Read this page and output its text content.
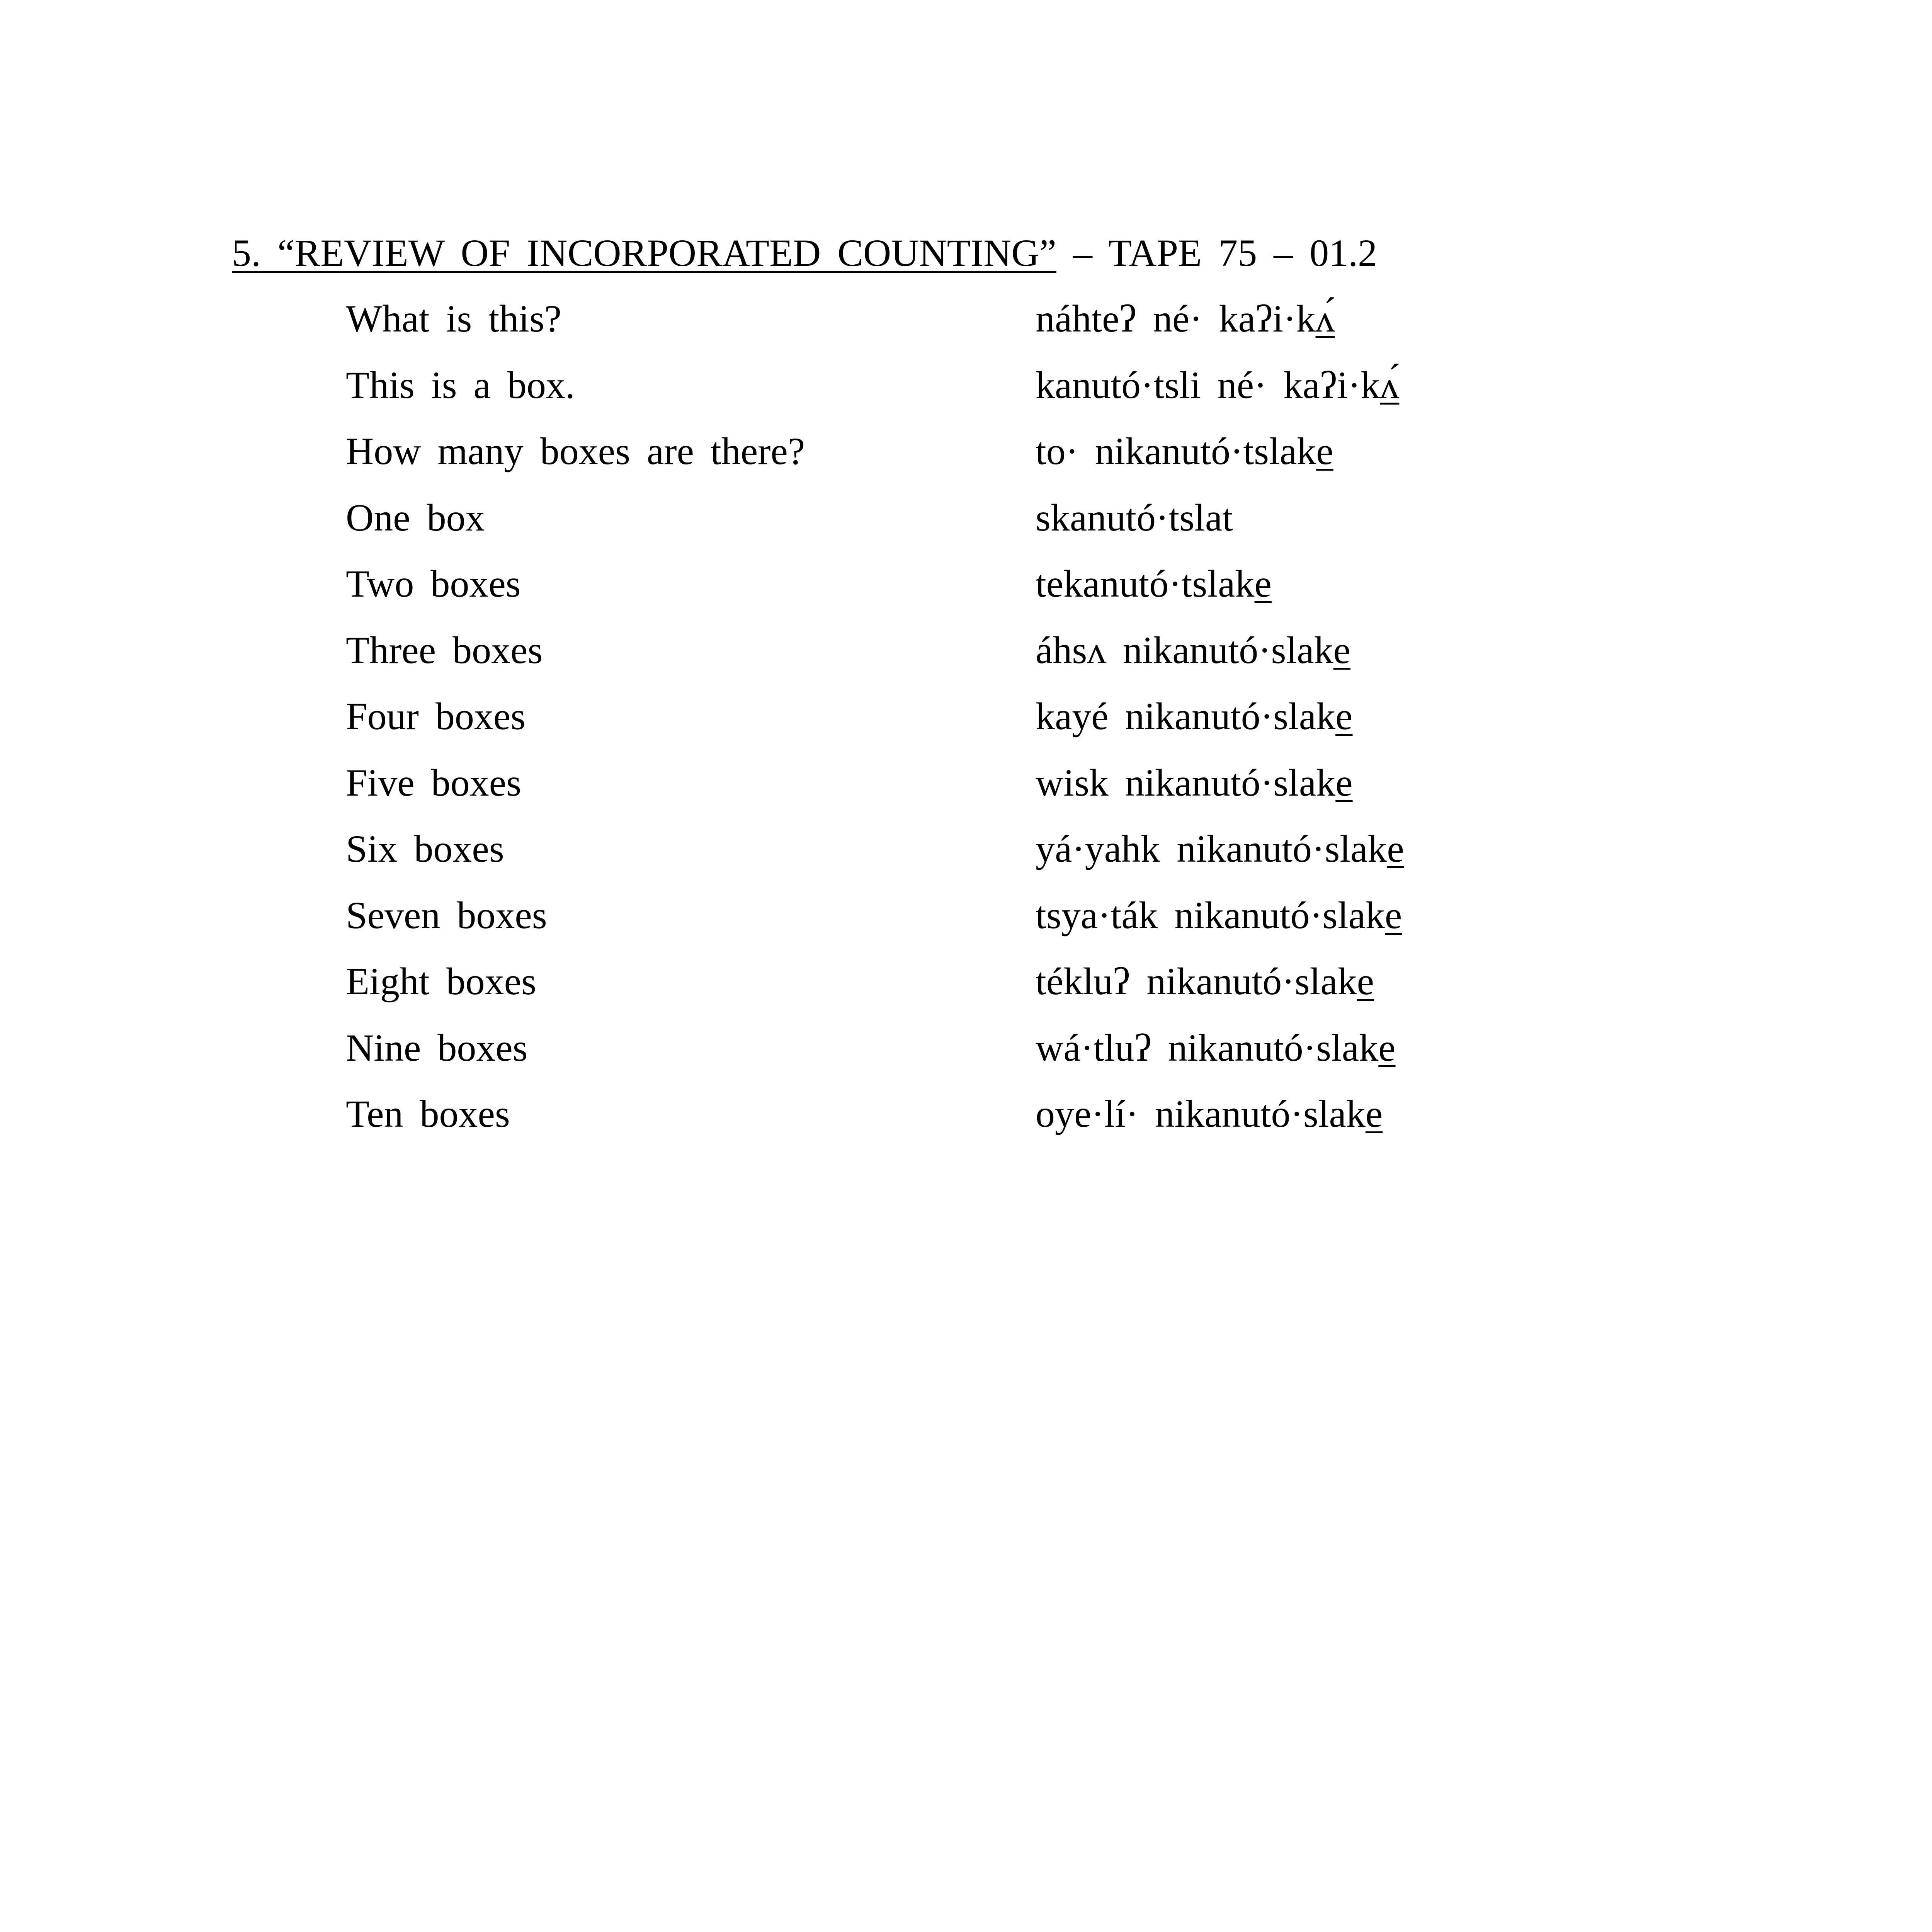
5. “REVIEW OF INCORPORATED COUNTING” – TAPE 75 – 01.2
What is this?	náhteʔ né· kaʔi·kʌ́
This is a box.	kanutó·tsli né· kaʔi·kʌ́
How many boxes are there?	to· nikanutó·tslake
One box	skanutó·tslat
Two boxes	tekanutó·tslake
Three boxes	áhsʌ nikanutó·slake
Four boxes	kayé nikanutó·slake
Five boxes	wisk nikanutó·slake
Six boxes	yá·yahk nikanutó·slake
Seven boxes	tsya·ták nikanutó·slake
Eight boxes	tékluʔ nikanutó·slake
Nine boxes	wá·tluʔ nikanutó·slake
Ten boxes	oye·lí· nikanutó·slake
